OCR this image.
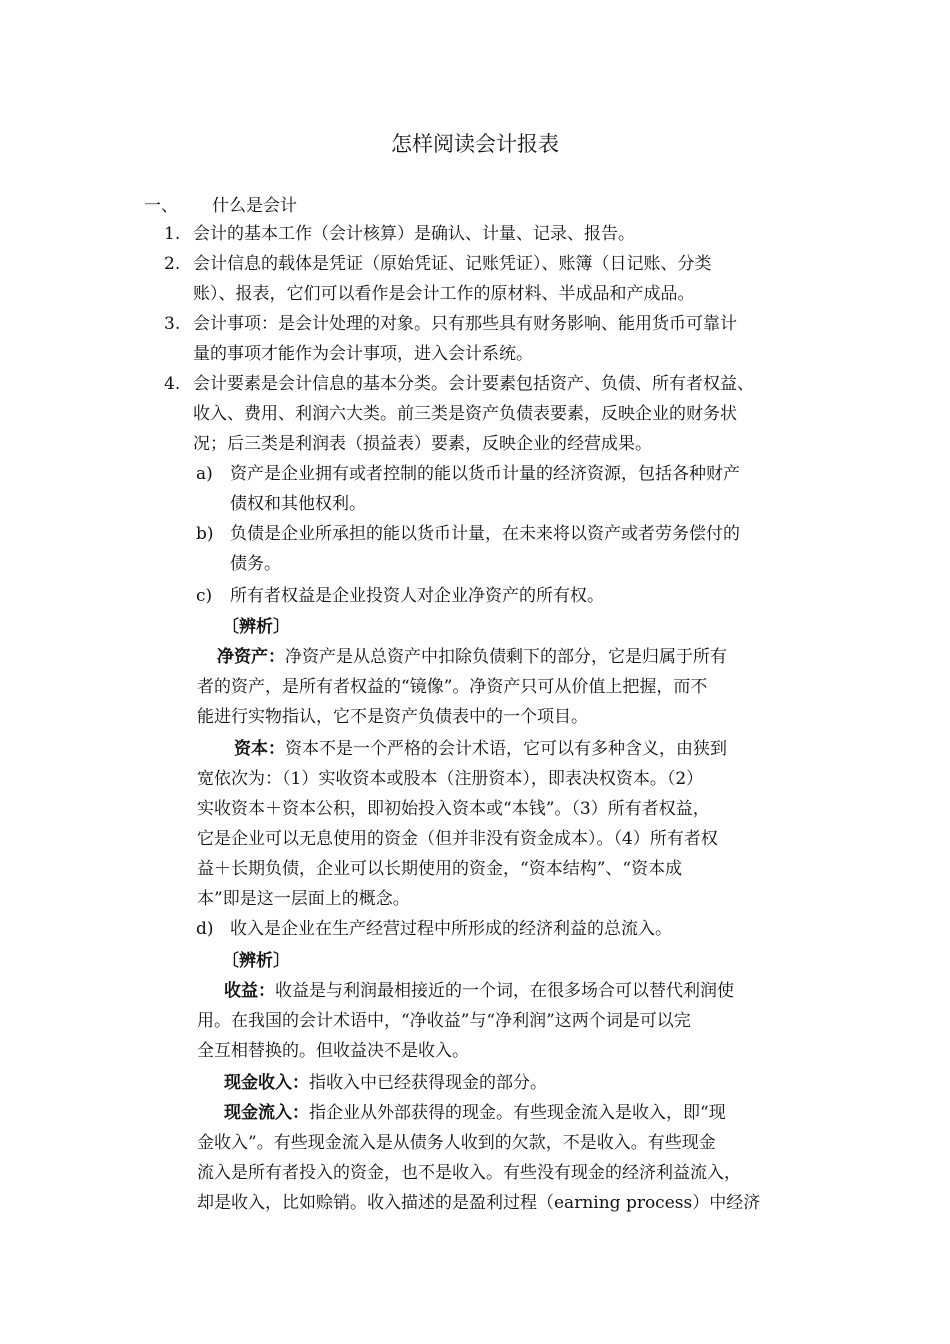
怎样阅读会计报表
一、 什么是会计
1. 会计的基本工作（会计核算）是确认、计量、记录、报告。
2. 会计信息的载体是凭证（原始凭证、记账凭证）、账簿（日记账、分类
账）、报表，它们可以看作是会计工作的原材料、半成品和产成品。
3. 会计事项：是会计处理的对象。只有那些具有财务影响、能用货币可靠计
量的事项才能作为会计事项，进入会计系统。
4. 会计要素是会计信息的基本分类。会计要素包括资产、负债、所有者权益、
收入、费用、利润六大类。前三类是资产负债表要素，反映企业的财务状
况；后三类是利润表（损益表）要素，反映企业的经营成果。
a) 资产是企业拥有或者控制的能以货币计量的经济资源，包括各种财产
债权和其他权利。
b) 负债是企业所承担的能以货币计量，在未来将以资产或者劳务偿付的
债务。
c) 所有者权益是企业投资人对企业净资产的所有权。
〔辨析〕
净资产：净资产是从总资产中扣除负债剩下的部分，它是归属于所有
者的资产，是所有者权益的“镜像”。净资产只可从价值上把握，而不
能进行实物指认，它不是资产负债表中的一个项目。
资本：资本不是一个严格的会计术语，它可以有多种含义，由狭到
宽依次为：（1）实收资本或股本（注册资本），即表决权资本。（2）
实收资本＋资本公积，即初始投入资本或“本钱”。（3）所有者权益，
它是企业可以无息使用的资金（但并非没有资金成本）。（4）所有者权
益＋长期负债，企业可以长期使用的资金，“资本结构”、“资本成
本”即是这一层面上的概念。
d) 收入是企业在生产经营过程中所形成的经济利益的总流入。
〔辨析〕
收益：收益是与利润最相接近的一个词，在很多场合可以替代利润使
用。在我国的会计术语中，“净收益”与“净利润”这两个词是可以完
全互相替换的。但收益决不是收入。
现金收入：指收入中已经获得现金的部分。
现金流入：指企业从外部获得的现金。有些现金流入是收入，即“现
金收入”。有些现金流入是从债务人收到的欠款，不是收入。有些现金
流入是所有者投入的资金，也不是收入。有些没有现金的经济利益流入，
却是收入，比如赊销。收入描述的是盈利过程（earning process）中经济
